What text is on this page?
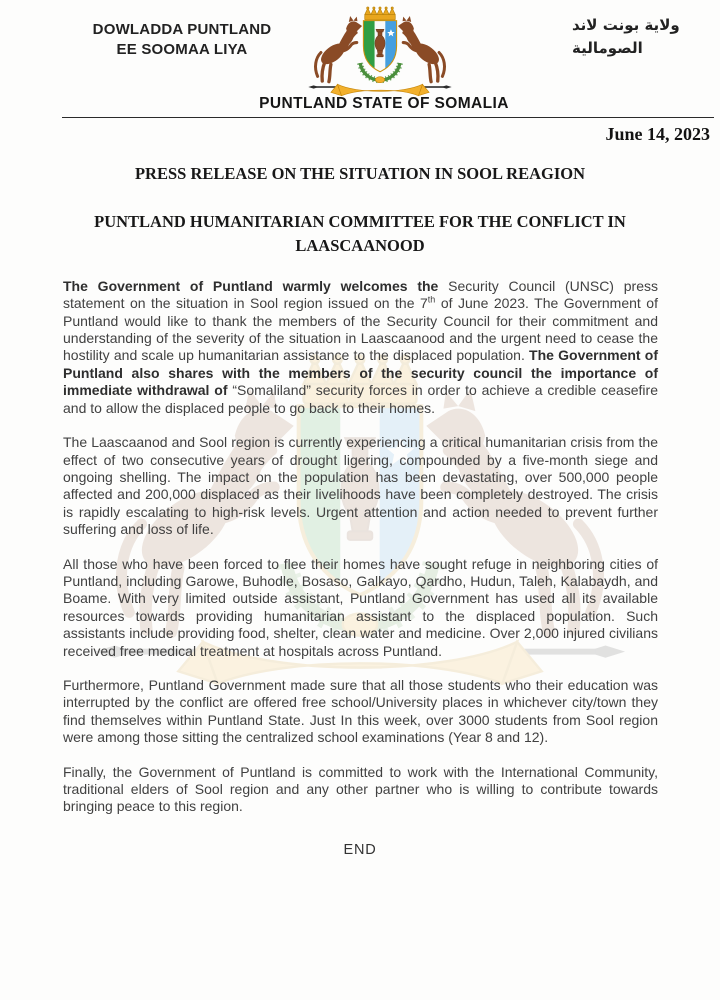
DOWLADDA PUNTLAND
EE SOOMAA LIYA
ولاية بونت لاند
الصومالية
PUNTLAND STATE OF SOMALIA
June 14, 2023
PRESS RELEASE ON THE SITUATION IN SOOL REAGION
PUNTLAND HUMANITARIAN COMMITTEE FOR THE CONFLICT IN LAASCAANOOD

The Government of Puntland warmly welcomes the Security Council (UNSC) press statement on the situation in Sool region issued on the 7th of June 2023. The Government of Puntland would like to thank the members of the Security Council for their commitment and understanding of the severity of the situation in Laascaanood and the urgent need to cease the hostility and scale up humanitarian assistance to the displaced population. The Government of Puntland also shares with the members of the security council the importance of immediate withdrawal of “Somaliland” security forces in order to achieve a credible ceasefire and to allow the displaced people to go back to their homes.

The Laascaanod and Sool region is currently experiencing a critical humanitarian crisis from the effect of two consecutive years of drought ligering, compounded by a five-month siege and ongoing shelling. The impact on the population has been devastating, over 500,000 people affected and 200,000 displaced as their livelihoods have been completely destroyed. The crisis is rapidly escalating to high-risk levels. Urgent attention and action needed to prevent further suffering and loss of life.

All those who have been forced to flee their homes have sought refuge in neighboring cities of Puntland, including Garowe, Buhodle, Bosaso, Galkayo, Qardho, Hudun, Taleh, Kalabaydh, and Boame. With very limited outside assistant, Puntland Government has used all its available resources towards providing humanitarian assistant to the displaced population. Such assistants include providing food, shelter, clean water and medicine. Over 2,000 injured civilians received free medical treatment at hospitals across Puntland.

Furthermore, Puntland Government made sure that all those students who their education was interrupted by the conflict are offered free school/University places in whichever city/town they find themselves within Puntland State. Just In this week, over 3000 students from Sool region were among those sitting the centralized school examinations (Year 8 and 12).

Finally, the Government of Puntland is committed to work with the International Community, traditional elders of Sool region and any other partner who is willing to contribute towards bringing peace to this region.

END
